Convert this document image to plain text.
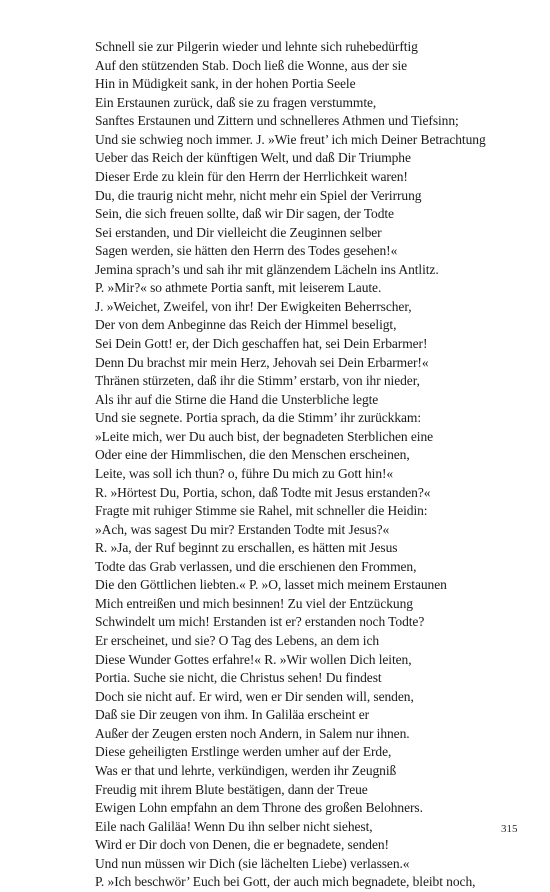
Schnell sie zur Pilgerin wieder und lehnte sich ruhebedürftig
Auf den stützenden Stab. Doch ließ die Wonne, aus der sie
Hin in Müdigkeit sank, in der hohen Portia Seele
Ein Erstaunen zurück, daß sie zu fragen verstummte,
Sanftes Erstaunen und Zittern und schnelleres Athmen und Tiefsinn;
Und sie schwieg noch immer. J. »Wie freut’ ich mich Deiner Betrachtung
Ueber das Reich der künftigen Welt, und daß Dir Triumphe
Dieser Erde zu klein für den Herrn der Herrlichkeit waren!
Du, die traurig nicht mehr, nicht mehr ein Spiel der Verirrung
Sein, die sich freuen sollte, daß wir Dir sagen, der Todte
Sei erstanden, und Dir vielleicht die Zeuginnen selber
Sagen werden, sie hätten den Herrn des Todes gesehen!«
Jemina sprach’s und sah ihr mit glänzendem Lächeln ins Antlitz.
P. »Mir?« so athmete Portia sanft, mit leiserem Laute.
J. »Weichet, Zweifel, von ihr! Der Ewigkeiten Beherrscher,
Der von dem Anbeginne das Reich der Himmel beseligt,
Sei Dein Gott! er, der Dich geschaffen hat, sei Dein Erbarmer!
Denn Du brachst mir mein Herz, Jehovah sei Dein Erbarmer!«
Thränen stürzeten, daß ihr die Stimm’ erstarb, von ihr nieder,
Als ihr auf die Stirne die Hand die Unsterbliche legte
Und sie segnete. Portia sprach, da die Stimm’ ihr zurückkam:
»Leite mich, wer Du auch bist, der begnadeten Sterblichen eine
Oder eine der Himmlischen, die den Menschen erscheinen,
Leite, was soll ich thun? o, führe Du mich zu Gott hin!«
R. »Hörtest Du, Portia, schon, daß Todte mit Jesus erstanden?«
Fragte mit ruhiger Stimme sie Rahel, mit schneller die Heidin:
»Ach, was sagest Du mir? Erstanden Todte mit Jesus?«
R. »Ja, der Ruf beginnt zu erschallen, es hätten mit Jesus
Todte das Grab verlassen, und die erschienen den Frommen,
Die den Göttlichen liebten.« P. »O, lasset mich meinem Erstaunen
Mich entreißen und mich besinnen! Zu viel der Entzückung
Schwindelt um mich! Erstanden ist er? erstanden noch Todte?
Er erscheinet, und sie? O Tag des Lebens, an dem ich
Diese Wunder Gottes erfahre!« R. »Wir wollen Dich leiten,
Portia. Suche sie nicht, die Christus sehen! Du findest
Doch sie nicht auf. Er wird, wen er Dir senden will, senden,
Daß sie Dir zeugen von ihm. In Galiläa erscheint er
Außer der Zeugen ersten noch Andern, in Salem nur ihnen.
Diese geheiligten Erstlinge werden umher auf der Erde,
Was er that und lehrte, verkündigen, werden ihr Zeugniß
Freudig mit ihrem Blute bestätigen, dann der Treue
Ewigen Lohn empfahn an dem Throne des großen Belohners.
Eile nach Galiläa! Wenn Du ihn selber nicht siehest,
Wird er Dir doch von Denen, die er begnadete, senden!
Und nun müssen wir Dich (sie lächelten Liebe) verlassen.«
P. »Ich beschwör’ Euch bei Gott, der auch mich begnadete, bleibt noch,
315
